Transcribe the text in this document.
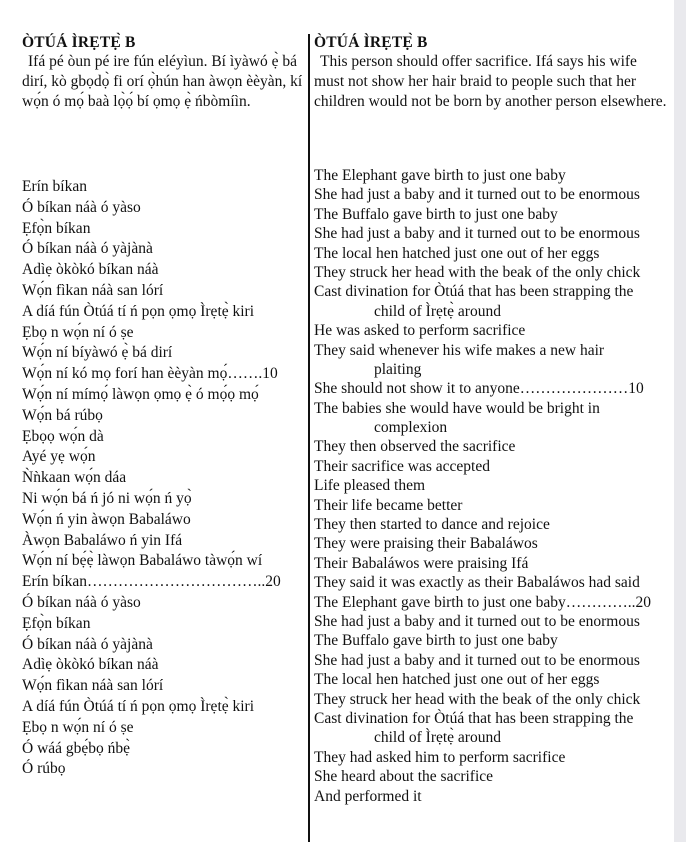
ÒTÚÁ ÌRẸTẸ̀ B

Ifá pé òun pé ire fún eléyìun. Bí ìyàwó ẹ̀ bá dirí, kò gbọdọ̀ fi orí ọ̀hún han àwọn èèyàn, kí wọ́n ó mọ́ baà lọ̀ọ́ bí ọmọ ẹ̀ ńbòmíìn.

Erín bíkan
Ó bíkan náà ó yàso
Ẹfọ̀n bíkan
Ó bíkan náà ó yàjànà
Adìẹ òkòkó bíkan náà
Wọ́n fìkan náà san lórí
A díá fún Òtúá tí ń pọn ọmọ Ìrẹtẹ̀ kiri
Ẹbọ n wọ́n ní ó ṣe
Wọ́n ní bíyàwó ẹ̀ bá dirí
Wọ́n ní kó mọ forí han èèyàn mọ́…….10
Wọ́n ní mímọ́ làwọn ọmọ ẹ̀ ó mọ́ọ mọ́
Wọ́n bá rúbọ
Ẹbọọ wọ́n dà
Ayé yẹ wọ́n
Ǹǹkaan wọ́n dáa
Ni wọ́n bá ń jó ni wọ́n ń yọ̀
Wọ́n ń yin àwọn Babaláwo
Àwọn Babaláwo ń yin Ifá
Wọ́n ní bẹ́ẹ̀ làwọn Babaláwo tàwọ́n wí
Erín bíkan……………………………..20
Ó bíkan náà ó yàso
Ẹfọ̀n bíkan
Ó bíkan náà ó yàjànà
Adìẹ òkòkó bíkan náà
Wọ́n fìkan náà san lórí
A díá fún Òtúá tí ń pọn ọmọ Ìrẹtẹ̀ kiri
Ẹbọ n wọ́n ní ó ṣe
Ó wáá gbẹ́bọ ńbẹ̀
Ó rúbọ
ÒTÚÁ ÌRẸTẸ̀ B

This person should offer sacrifice. Ifá says his wife must not show her hair braid to people such that her children would not be born by another person elsewhere.

The Elephant gave birth to just one baby
She had just a baby and it turned out to be enormous
The Buffalo gave birth to just one baby
She had just a baby and it turned out to be enormous
The local hen hatched just one out of her eggs
They struck her head with the beak of the only chick
Cast divination for Òtúá that has been strapping the
child of Ìrẹtẹ̀ around
He was asked to perform sacrifice
They said whenever his wife makes a new hair
plaiting
She should not show it to anyone…………………10
The babies she would have would be bright in
complexion
They then observed the sacrifice
Their sacrifice was accepted
Life pleased them
Their life became better
They then started to dance and rejoice
They were praising their Babaláwos
Their Babaláwos were praising Ifá
They said it was exactly as their Babaláwos had said
The Elephant gave birth to just one baby…………..20
She had just a baby and it turned out to be enormous
The Buffalo gave birth to just one baby
She had just a baby and it turned out to be enormous
The local hen hatched just one out of her eggs
They struck her head with the beak of the only chick
Cast divination for Òtúá that has been strapping the
child of Ìrẹtẹ̀ around
They had asked him to perform sacrifice
She heard about the sacrifice
And performed it
